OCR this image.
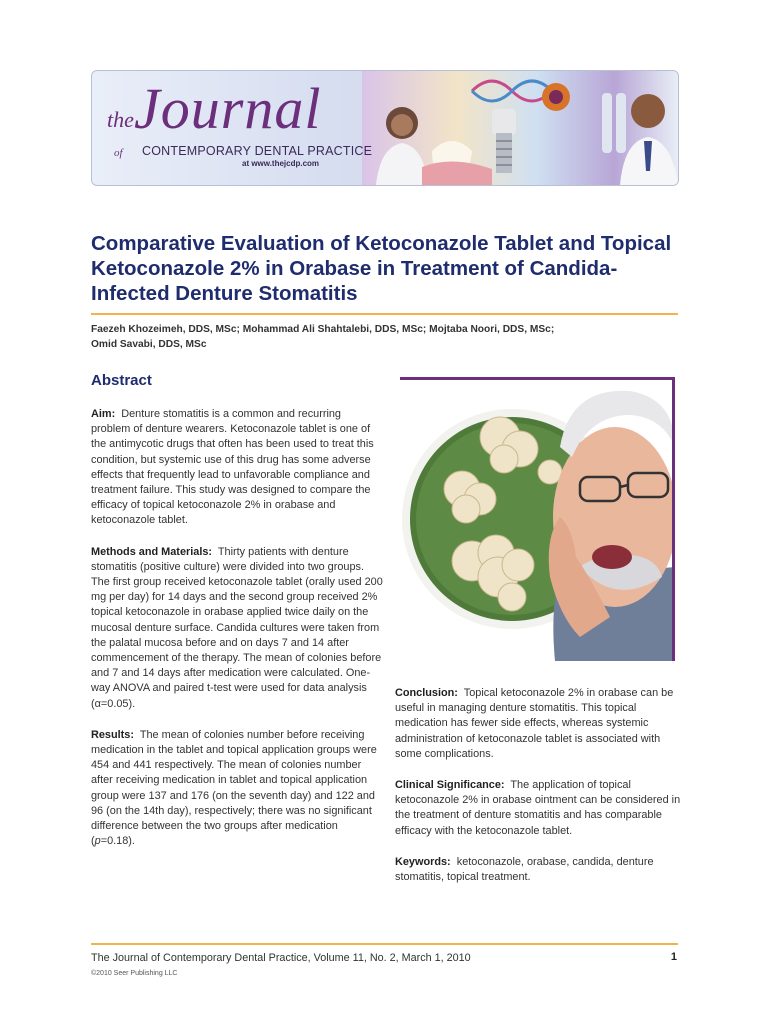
the Journal
of CONTEMPORARY DENTAL PRACTICE
at www.thejcdp.com
Comparative Evaluation of Ketoconazole Tablet and Topical Ketoconazole 2% in Orabase in Treatment of Candida-Infected Denture Stomatitis
Faezeh Khozeimeh, DDS, MSc; Mohammad Ali Shahtalebi, DDS, MSc; Mojtaba Noori, DDS, MSc;
Omid Savabi, DDS, MSc
Abstract

Aim: Denture stomatitis is a common and recurring problem of denture wearers. Ketoconazole tablet is one of the antimycotic drugs that often has been used to treat this condition, but systemic use of this drug has some adverse effects that frequently lead to unfavorable compliance and treatment failure. This study was designed to compare the efficacy of topical ketoconazole 2% in orabase and ketoconazole tablet.

Methods and Materials: Thirty patients with denture stomatitis (positive culture) were divided into two groups. The first group received ketoconazole tablet (orally used 200 mg per day) for 14 days and the second group received 2% topical ketoconazole in orabase applied twice daily on the mucosal denture surface. Candida cultures were taken from the palatal mucosa before and on days 7 and 14 after commencement of the therapy. The mean of colonies before and 7 and 14 days after medication were calculated. One-way ANOVA and paired t-test were used for data analysis (α=0.05).

Results: The mean of colonies number before receiving medication in the tablet and topical application groups were 454 and 441 respectively. The mean of colonies number after receiving medication in tablet and topical application group were 137 and 176 (on the seventh day) and 122 and 96 (on the 14th day), respectively; there was no significant difference between the two groups after medication (p=0.18).

Conclusion: Topical ketoconazole 2% in orabase can be useful in managing denture stomatitis. This topical medication has fewer side effects, whereas systemic administration of ketoconazole tablet is associated with some complications.

Clinical Significance: The application of topical ketoconazole 2% in orabase ointment can be considered in the treatment of denture stomatitis and has comparable efficacy with the ketoconazole tablet.

Keywords: ketoconazole, orabase, candida, denture stomatitis, topical treatment.

The Journal of Contemporary Dental Practice, Volume 11, No. 2, March 1, 2010	1
©2010 Seer Publishing LLC
